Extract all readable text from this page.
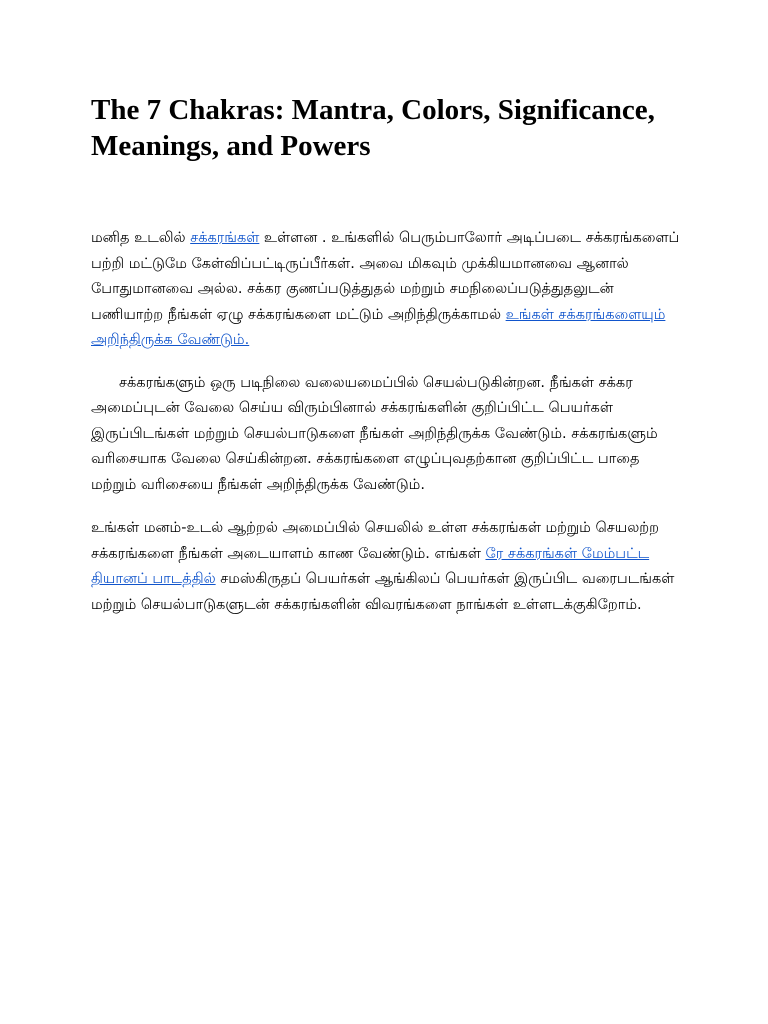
The 7 Chakras: Mantra, Colors, Significance, Meanings, and Powers

மனித உடலில் சக்கரங்கள் உள்ளன . உங்களில் பெரும்பாலோர் அடிப்படை சக்கரங்களைப் பற்றி மட்டுமே கேள்விப்பட்டிருப்பீர்கள். அவை மிகவும் முக்கியமானவை ஆனால் போதுமானவை அல்ல. சக்கர குணப்படுத்துதல் மற்றும் சமநிலைப்படுத்துதலுடன் பணியாற்ற நீங்கள் ஏழு சக்கரங்களை மட்டும் அறிந்திருக்காமல் உங்கள் சக்கரங்களையும் அறிந்திருக்க வேண்டும்.

சக்கரங்களும் ஒரு படிநிலை வலையமைப்பில் செயல்படுகின்றன. நீங்கள் சக்கர அமைப்புடன் வேலை செய்ய விரும்பினால் சக்கரங்களின் குறிப்பிட்ட பெயர்கள் இருப்பிடங்கள் மற்றும் செயல்பாடுகளை நீங்கள் அறிந்திருக்க வேண்டும். சக்கரங்களும் வரிசையாக வேலை செய்கின்றன. சக்கரங்களை எழுப்புவதற்கான குறிப்பிட்ட பாதை மற்றும் வரிசையை நீங்கள் அறிந்திருக்க வேண்டும்.

உங்கள் மனம்-உடல் ஆற்றல் அமைப்பில் செயலில் உள்ள சக்கரங்கள் மற்றும் செயலற்ற சக்கரங்களை நீங்கள் அடையாளம் காண வேண்டும். எங்கள் ரே சக்கரங்கள் மேம்பட்ட தியானப் பாடத்தில் சமஸ்கிருதப் பெயர்கள் ஆங்கிலப் பெயர்கள் இருப்பிட வரைபடங்கள் மற்றும் செயல்பாடுகளுடன் சக்கரங்களின் விவரங்களை நாங்கள் உள்ளடக்குகிறோம்.
